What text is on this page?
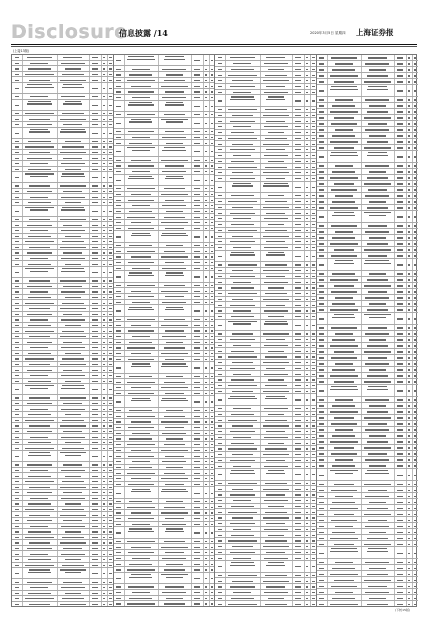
Disclosure
信息披露 /14	2020年3月5日 星期四 上海证券报
(上接13版)
(下转15版)
